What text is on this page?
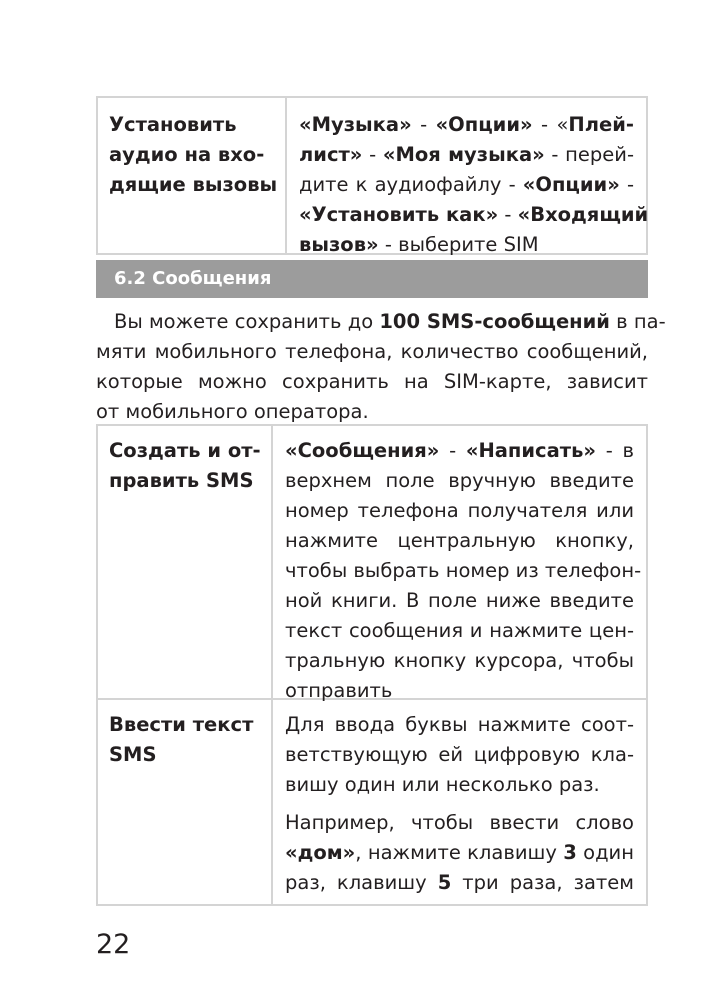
Установить
аудио на вхо-
дящие вызовы
«Музыка» - «Опции» - «Плей-
лист» - «Моя музыка» - перей-
дите к аудиофайлу - «Опции» -
«Установить как» - «Входящий
вызов» - выберите SIM
6.2 Сообщения
Вы можете сохранить до 100 SMS-сообщений в па-
мяти мобильного телефона, количество сообщений,
которые можно сохранить на SIM-карте, зависит
от мобильного оператора.
Создать и от-
править SMS
«Сообщения» - «Написать» - в
верхнем поле вручную введите
номер телефона получателя или
нажмите центральную кнопку,
чтобы выбрать номер из телефон-
ной книги. В поле ниже введите
текст сообщения и нажмите цен-
тральную кнопку курсора, чтобы
отправить
Ввести текст
SMS
Для ввода буквы нажмите соот-
ветствующую ей цифровую кла-
вишу один или несколько раз.
Например, чтобы ввести слово
«дом», нажмите клавишу 3 один
раз, клавишу 5 три раза, затем
22
